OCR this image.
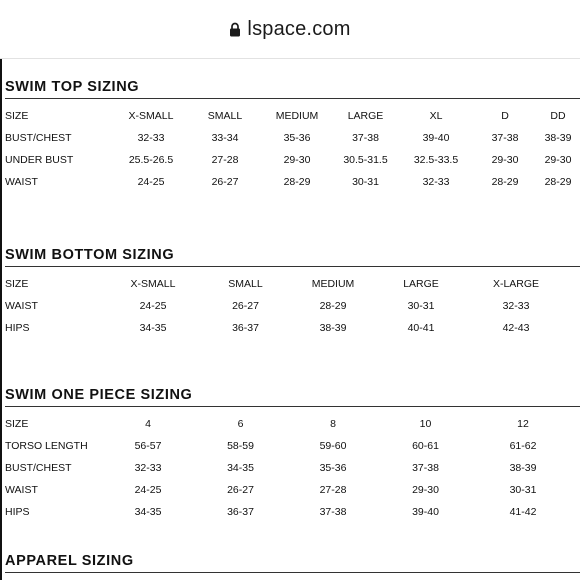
lspace.com
SWIM TOP SIZING
SIZE	X-SMALL	SMALL	MEDIUM	LARGE	XL	D	DD
BUST/CHEST	32-33	33-34	35-36	37-38	39-40	37-38	38-39
UNDER BUST	25.5-26.5	27-28	29-30	30.5-31.5	32.5-33.5	29-30	29-30
WAIST	24-25	26-27	28-29	30-31	32-33	28-29	28-29
SWIM BOTTOM SIZING
SIZE	X-SMALL	SMALL	MEDIUM	LARGE	X-LARGE
WAIST	24-25	26-27	28-29	30-31	32-33
HIPS	34-35	36-37	38-39	40-41	42-43
SWIM ONE PIECE SIZING
SIZE	4	6	8	10	12
TORSO LENGTH	56-57	58-59	59-60	60-61	61-62
BUST/CHEST	32-33	34-35	35-36	37-38	38-39
WAIST	24-25	26-27	27-28	29-30	30-31
HIPS	34-35	36-37	37-38	39-40	41-42
APPAREL SIZING
